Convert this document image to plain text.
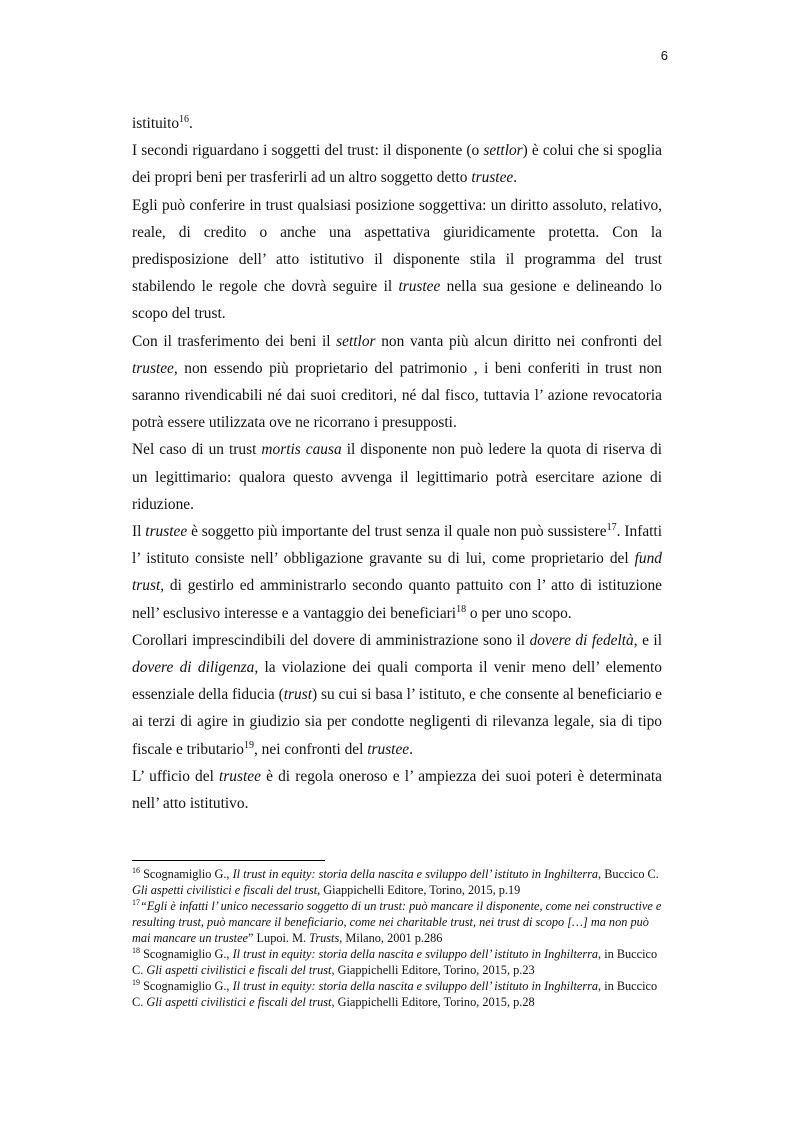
6

istituito$^{16}$.

I secondi riguardano i soggetti del trust: il disponente (o settlor) è colui che si spoglia dei propri beni per trasferirli ad un altro soggetto detto trustee.

Egli può conferire in trust qualsiasi posizione soggettiva: un diritto assoluto, relativo, reale, di credito o anche una aspettativa giuridicamente protetta. Con la predisposizione dell’ atto istitutivo il disponente stila il programma del trust stabilendo le regole che dovrà seguire il trustee nella sua gesione e delineando lo scopo del trust.

Con il trasferimento dei beni il settlor non vanta più alcun diritto nei confronti del trustee, non essendo più proprietario del patrimonio , i beni conferiti in trust non saranno rivendicabili né dai suoi creditori, né dal fisco, tuttavia l’ azione revocatoria potrà essere utilizzata ove ne ricorrano i presupposti.

Nel caso di un trust mortis causa il disponente non può ledere la quota di riserva di un legittimario: qualora questo avvenga il legittimario potrà esercitare azione di riduzione.

Il trustee è soggetto più importante del trust senza il quale non può sussistere$^{17}$. Infatti l’ istituto consiste nell’ obbligazione gravante su di lui, come proprietario del fund trust, di gestirlo ed amministrarlo secondo quanto pattuito con l’ atto di istituzione nell’ esclusivo interesse e a vantaggio dei beneficiari$^{18}$ o per uno scopo.

Corollari imprescindibili del dovere di amministrazione sono il dovere di fedeltà, e il dovere di diligenza, la violazione dei quali comporta il venir meno dell’ elemento essenziale della fiducia (trust) su cui si basa l’ istituto, e che consente al beneficiario e ai terzi di agire in giudizio sia per condotte negligenti di rilevanza legale, sia di tipo fiscale e tributario$^{19}$, nei confronti del trustee.

L’ ufficio del trustee è di regola oneroso e l’ ampiezza dei suoi poteri è determinata nell’ atto istitutivo.

$^{16}$ Scognamiglio G., Il trust in equity: storia della nascita e sviluppo dell’ istituto in Inghilterra, Buccico C. Gli aspetti civilistici e fiscali del trust, Giappichelli Editore, Torino, 2015, p.19

$^{17}$“Egli è infatti l’ unico necessario soggetto di un trust: può mancare il disponente, come nei constructive e resulting trust, può mancare il beneficiario, come nei charitable trust, nei trust di scopo […] ma non può mai mancare un trustee” Lupoi. M. Trusts, Milano, 2001 p.286

$^{18}$ Scognamiglio G., Il trust in equity: storia della nascita e sviluppo dell’ istituto in Inghilterra, in Buccico C. Gli aspetti civilistici e fiscali del trust, Giappichelli Editore, Torino, 2015, p.23

$^{19}$ Scognamiglio G., Il trust in equity: storia della nascita e sviluppo dell’ istituto in Inghilterra, in Buccico C. Gli aspetti civilistici e fiscali del trust, Giappichelli Editore, Torino, 2015, p.28
